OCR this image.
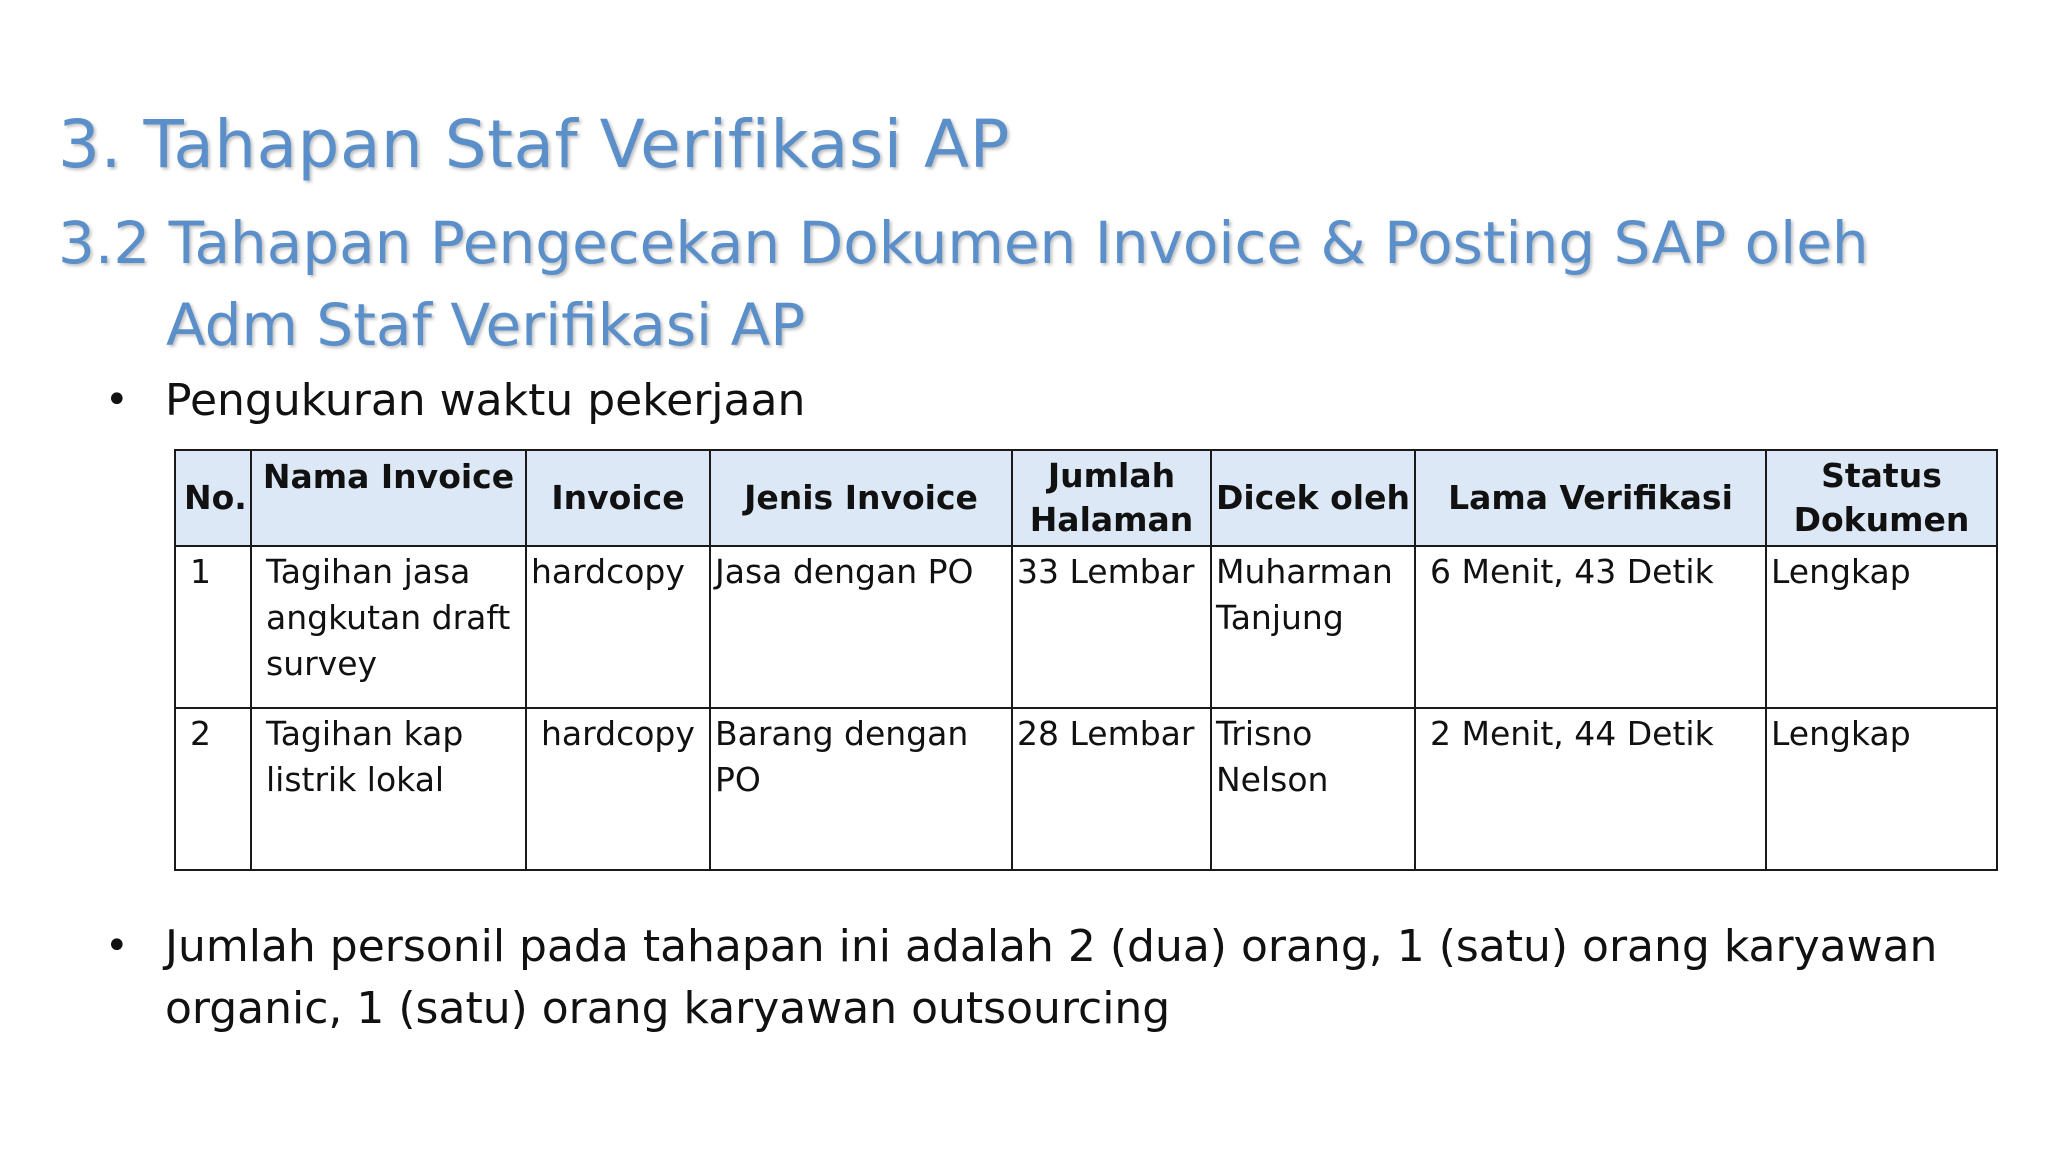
3. Tahapan Staf Verifikasi AP
3.2 Tahapan Pengecekan Dokumen Invoice & Posting SAP oleh
Adm Staf Verifikasi AP
• Pengukuran waktu pekerjaan
No.	Nama Invoice	Invoice	Jenis Invoice	Jumlah Halaman	Dicek oleh	Lama Verifikasi	Status Dokumen
1	Tagihan jasa angkutan draft survey	hardcopy	Jasa dengan PO	33 Lembar	Muharman Tanjung	6 Menit, 43 Detik	Lengkap
2	Tagihan kap listrik lokal	hardcopy	Barang dengan PO	28 Lembar	Trisno Nelson	2 Menit, 44 Detik	Lengkap
• Jumlah personil pada tahapan ini adalah 2 (dua) orang, 1 (satu) orang karyawan organic, 1 (satu) orang karyawan outsourcing
